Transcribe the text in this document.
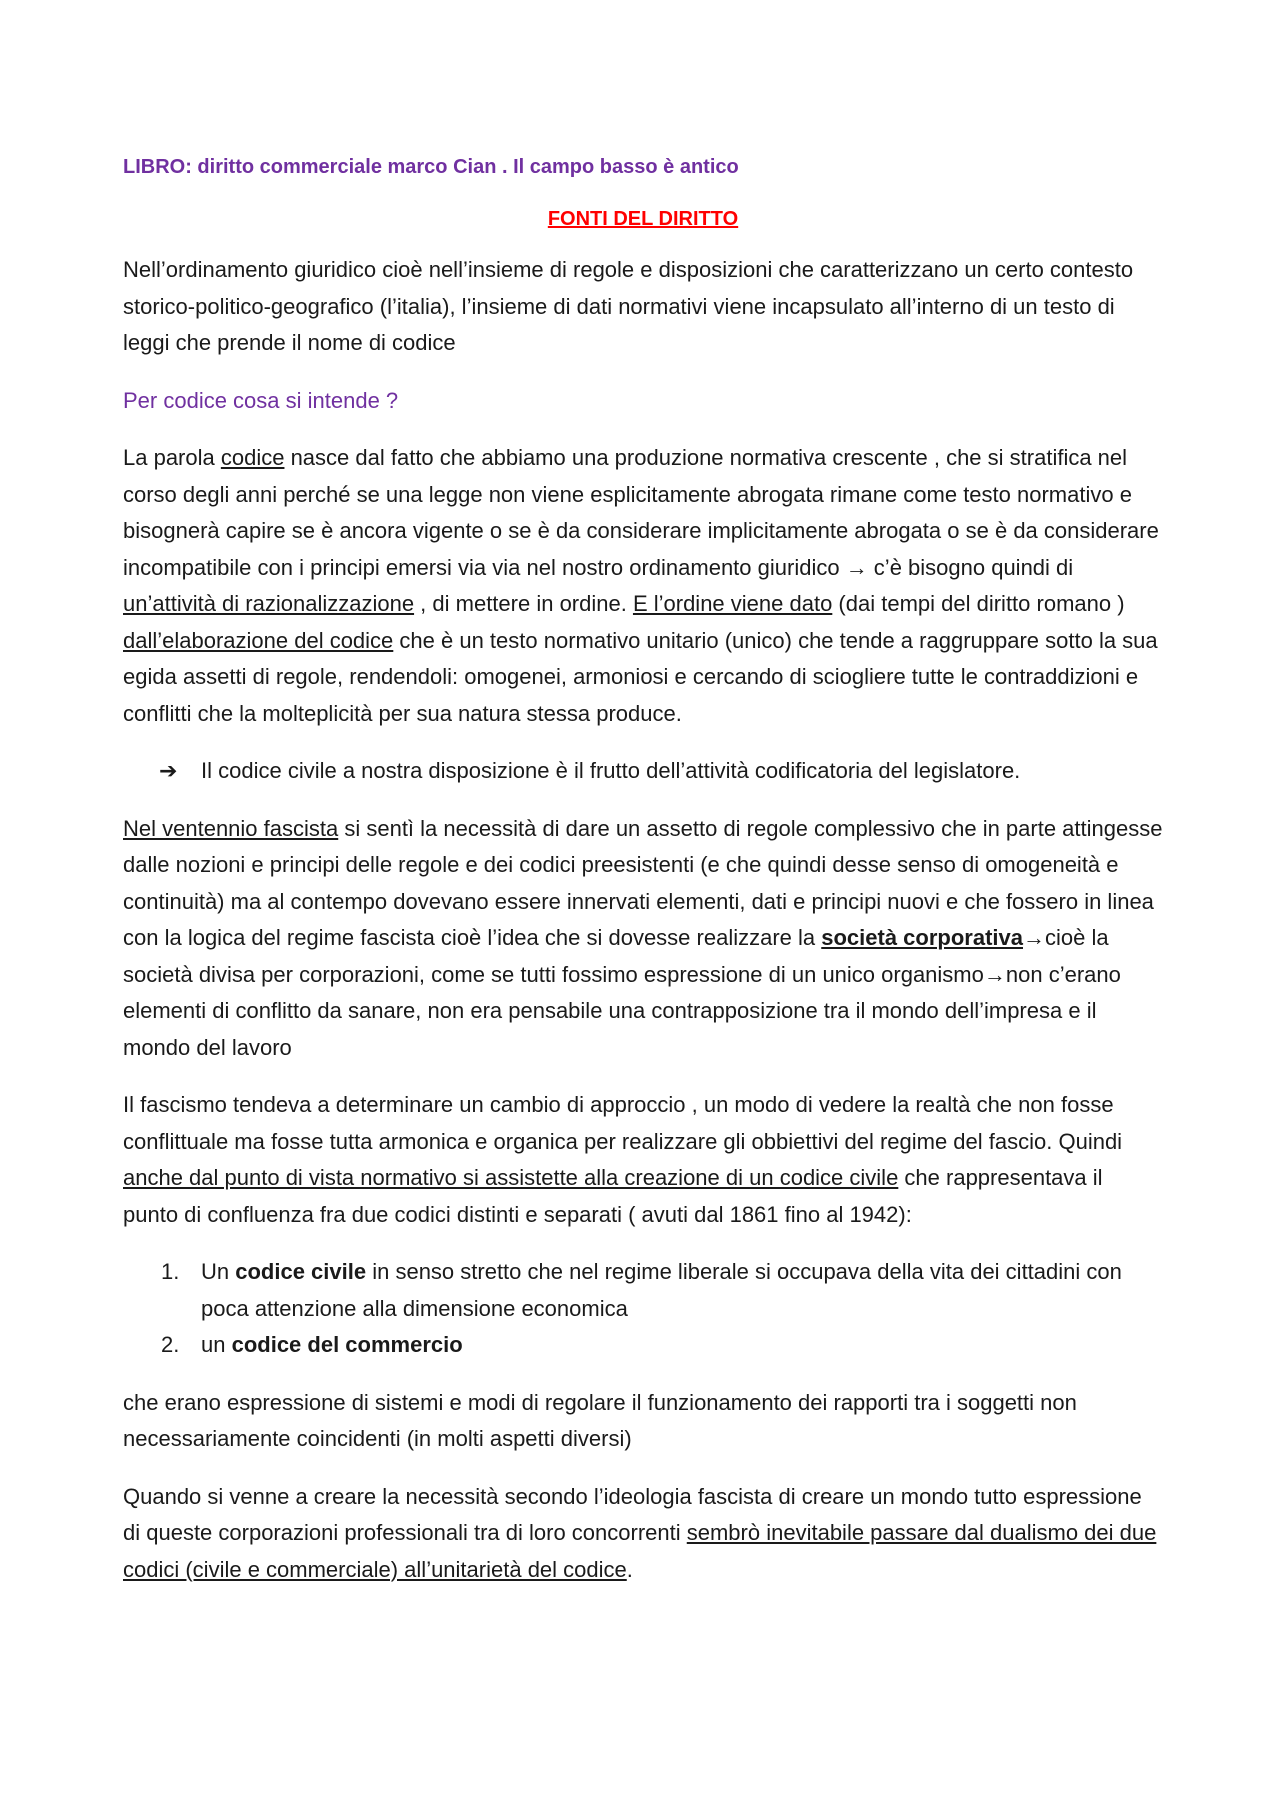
LIBRO: diritto commerciale marco Cian . Il campo basso è antico
FONTI DEL DIRITTO

Nell’ordinamento giuridico cioè nell’insieme di regole e disposizioni che caratterizzano un certo contesto storico-politico-geografico (l’italia), l’insieme di dati normativi viene incapsulato all’interno di un testo di leggi che prende il nome di codice

Per codice cosa si intende ?

La parola codice nasce dal fatto che abbiamo una produzione normativa crescente , che si stratifica nel corso degli anni perché se una legge non viene esplicitamente abrogata rimane come testo normativo e bisognerà capire se è ancora vigente o se è da considerare implicitamente abrogata o se è da considerare incompatibile con i principi emersi via via nel nostro ordinamento giuridico → c’è bisogno quindi di un’attività di razionalizzazione , di mettere in ordine. E l’ordine viene dato (dai tempi del diritto romano ) dall’elaborazione del codice che è un testo normativo unitario (unico) che tende a raggruppare sotto la sua egida assetti di regole, rendendoli: omogenei, armoniosi e cercando di sciogliere tutte le contraddizioni e conflitti che la molteplicità per sua natura stessa produce.

➔	Il codice civile a nostra disposizione è il frutto dell’attività codificatoria del legislatore.

Nel ventennio fascista si sentì la necessità di dare un assetto di regole complessivo che in parte attingesse dalle nozioni e principi delle regole e dei codici preesistenti (e che quindi desse senso di omogeneità e continuità) ma al contempo dovevano essere innervati elementi, dati e principi nuovi e che fossero in linea con la logica del regime fascista cioè l’idea che si dovesse realizzare la società corporativa→cioè la società divisa per corporazioni, come se tutti fossimo espressione di un unico organismo→non c’erano elementi di conflitto da sanare, non era pensabile una contrapposizione tra il mondo dell’impresa e il mondo del lavoro

Il fascismo tendeva a determinare un cambio di approccio , un modo di vedere la realtà che non fosse conflittuale ma fosse tutta armonica e organica per realizzare gli obbiettivi del regime del fascio. Quindi anche dal punto di vista normativo si assistette alla creazione di un codice civile che rappresentava il punto di confluenza fra due codici distinti e separati ( avuti dal 1861 fino al 1942):

1. Un codice civile in senso stretto che nel regime liberale si occupava della vita dei cittadini con poca attenzione alla dimensione economica
2. un codice del commercio

che erano espressione di sistemi e modi di regolare il funzionamento dei rapporti tra i soggetti non necessariamente coincidenti (in molti aspetti diversi)

Quando si venne a creare la necessità secondo l’ideologia fascista di creare un mondo tutto espressione di queste corporazioni professionali tra di loro concorrenti sembrò inevitabile passare dal dualismo dei due codici (civile e commerciale) all’unitarietà del codice.
